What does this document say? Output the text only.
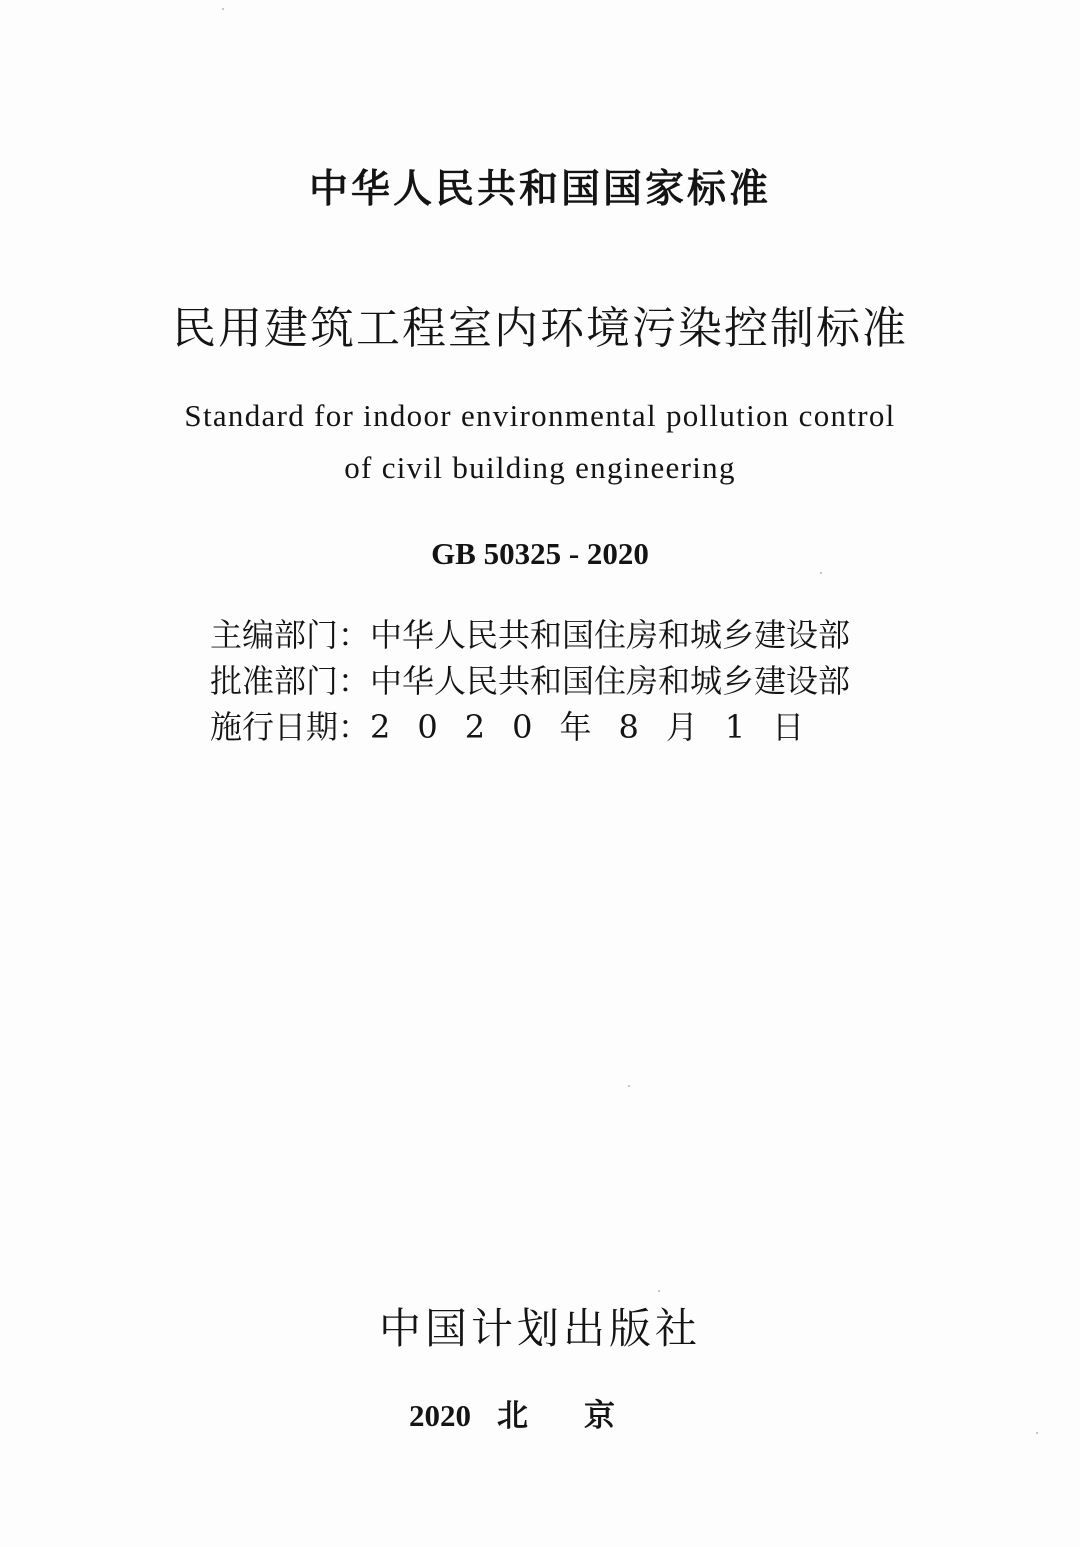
中华人民共和国国家标准
民用建筑工程室内环境污染控制标准
Standard for indoor environmental pollution control
of civil building engineering
GB 50325 - 2020
主编部门：中华人民共和国住房和城乡建设部
批准部门：中华人民共和国住房和城乡建设部
施行日期：2020年8月1日
中国计划出版社
2020 北京
